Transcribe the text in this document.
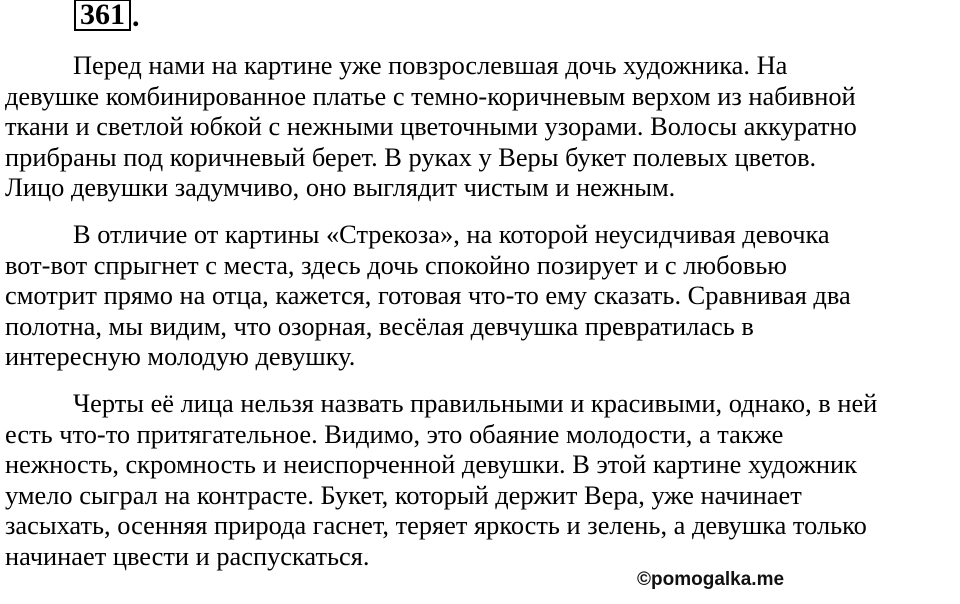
361 .

Перед нами на картине уже повзрослевшая дочь художника. На
девушке комбинированное платье с темно-коричневым верхом из набивной
ткани и светлой юбкой с нежными цветочными узорами. Волосы аккуратно
прибраны под коричневый берет. В руках у Веры букет полевых цветов.
Лицо девушки задумчиво, оно выглядит чистым и нежным.

В отличие от картины «Стрекоза», на которой неусидчивая девочка
вот-вот спрыгнет с места, здесь дочь спокойно позирует и с любовью
смотрит прямо на отца, кажется, готовая что-то ему сказать. Сравнивая два
полотна, мы видим, что озорная, весёлая девчушка превратилась в
интересную молодую девушку.

Черты её лица нельзя назвать правильными и красивыми, однако, в ней
есть что-то притягательное. Видимо, это обаяние молодости, а также
нежность, скромность и неиспорченной девушки. В этой картине художник
умело сыграл на контрасте. Букет, который держит Вера, уже начинает
засыхать, осенняя природа гаснет, теряет яркость и зелень, а девушка только
начинает цвести и распускаться.

©pomogalka.me
